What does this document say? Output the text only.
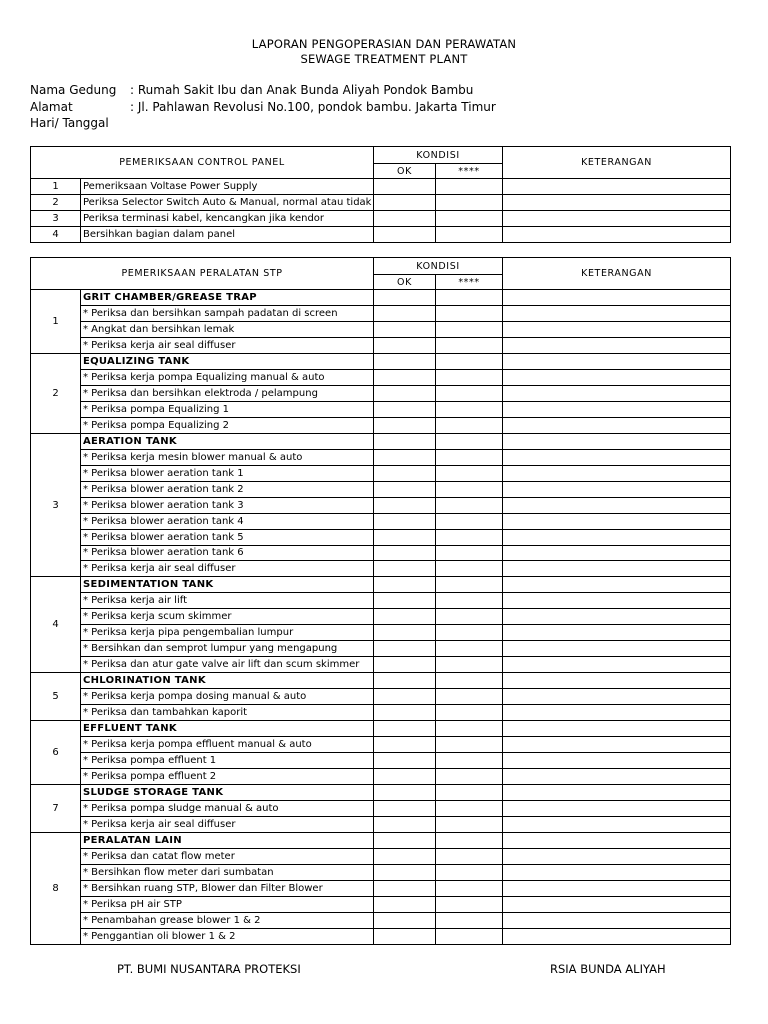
LAPORAN PENGOPERASIAN DAN PERAWATAN
SEWAGE TREATMENT PLANT
Nama Gedung	: Rumah Sakit Ibu dan Anak Bunda Aliyah Pondok Bambu
Alamat	: Jl. Pahlawan Revolusi No.100, pondok bambu. Jakarta Timur
Hari/ Tanggal
PEMERIKSAAN CONTROL PANEL		KONDISI		KETERANGAN
		OK	****	
1	Pemeriksaan Voltase Power Supply			
2	Periksa Selector Switch Auto & Manual, normal atau tidak			
3	Periksa terminasi kabel, kencangkan jika kendor			
4	Bersihkan bagian dalam panel			
PEMERIKSAAN PERALATAN STP		KONDISI		KETERANGAN
		OK	****	
1	GRIT CHAMBER/GREASE TRAP			
	* Periksa dan bersihkan sampah padatan di screen			
	* Angkat dan bersihkan lemak			
	* Periksa kerja air seal diffuser			
2	EQUALIZING TANK			
	* Periksa kerja pompa Equalizing manual & auto			
	* Periksa dan bersihkan elektroda / pelampung			
	* Periksa pompa Equalizing 1			
	* Periksa pompa Equalizing 2			
3	AERATION TANK			
	* Periksa kerja mesin blower manual & auto			
	* Periksa blower aeration tank 1			
	* Periksa blower aeration tank 2			
	* Periksa blower aeration tank 3			
	* Periksa blower aeration tank 4			
	* Periksa blower aeration tank 5			
	* Periksa blower aeration tank 6			
	* Periksa kerja air seal diffuser			
4	SEDIMENTATION TANK			
	* Periksa kerja air lift			
	* Periksa kerja scum skimmer			
	* Periksa kerja pipa pengembalian lumpur			
	* Bersihkan dan semprot lumpur yang mengapung			
	* Periksa dan atur gate valve air lift dan scum skimmer			
5	CHLORINATION TANK			
	* Periksa kerja pompa dosing manual & auto			
	* Periksa dan tambahkan kaporit			
6	EFFLUENT TANK			
	* Periksa kerja pompa effluent manual & auto			
	* Periksa pompa effluent 1			
	* Periksa pompa effluent 2			
7	SLUDGE STORAGE TANK			
	* Periksa pompa sludge manual & auto			
	* Periksa kerja air seal diffuser			
8	PERALATAN LAIN			
	* Periksa dan catat flow meter			
	* Bersihkan flow meter dari sumbatan			
	* Bersihkan ruang STP, Blower dan Filter Blower			
	* Periksa pH air STP			
	* Penambahan grease blower 1 & 2			
	* Penggantian oli blower 1 & 2			
PT. BUMI NUSANTARA PROTEKSI	RSIA BUNDA ALIYAH
